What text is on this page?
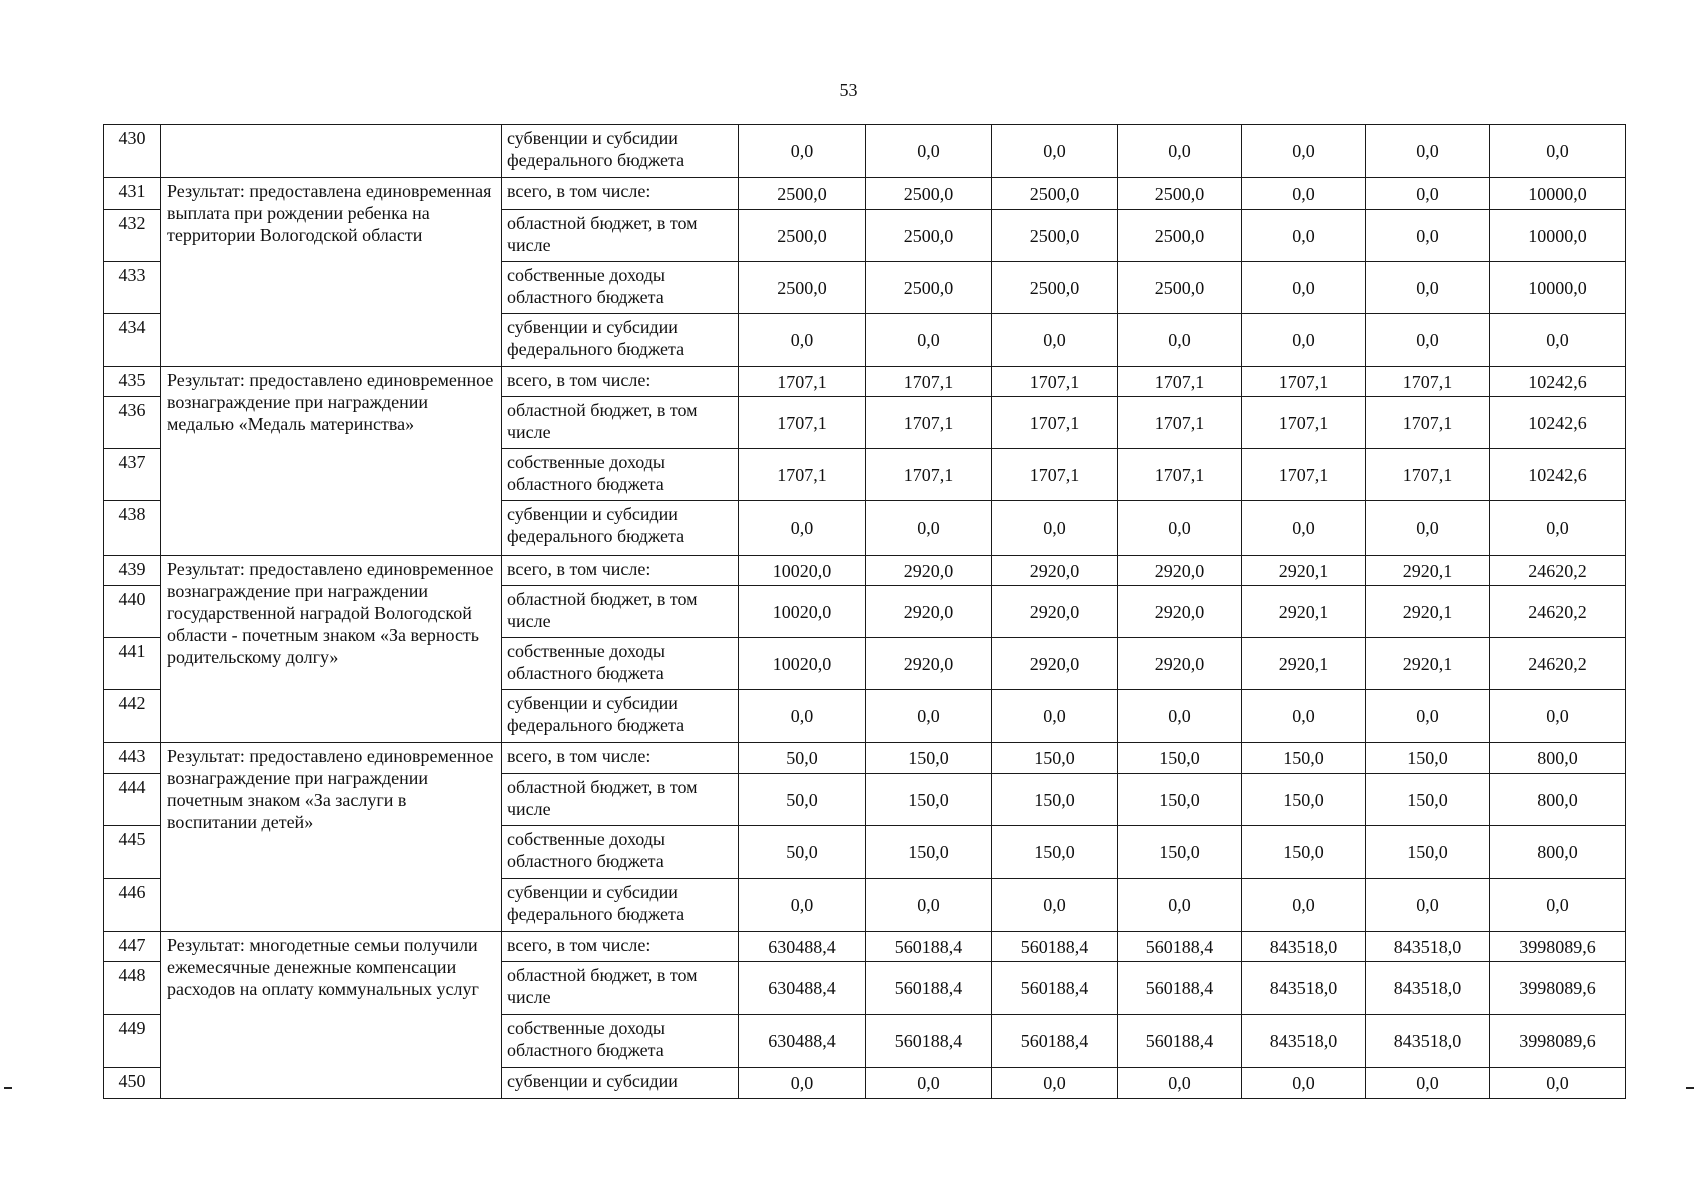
53
430		субвенции и субсидии федерального бюджета	0,0	0,0	0,0	0,0	0,0	0,0	0,0
431	Результат: предоставлена единовременная выплата при рождении ребенка на территории Вологодской области	всего, в том числе:	2500,0	2500,0	2500,0	2500,0	0,0	0,0	10000,0
432		областной бюджет, в том числе	2500,0	2500,0	2500,0	2500,0	0,0	0,0	10000,0
433		собственные доходы областного бюджета	2500,0	2500,0	2500,0	2500,0	0,0	0,0	10000,0
434		субвенции и субсидии федерального бюджета	0,0	0,0	0,0	0,0	0,0	0,0	0,0
435	Результат: предоставлено единовременное вознаграждение при награждении медалью «Медаль материнства»	всего, в том числе:	1707,1	1707,1	1707,1	1707,1	1707,1	1707,1	10242,6
436		областной бюджет, в том числе	1707,1	1707,1	1707,1	1707,1	1707,1	1707,1	10242,6
437		собственные доходы областного бюджета	1707,1	1707,1	1707,1	1707,1	1707,1	1707,1	10242,6
438		субвенции и субсидии федерального бюджета	0,0	0,0	0,0	0,0	0,0	0,0	0,0
439	Результат: предоставлено единовременное вознаграждение при награждении государственной наградой Вологодской области - почетным знаком «За верность родительскому долгу»	всего, в том числе:	10020,0	2920,0	2920,0	2920,0	2920,1	2920,1	24620,2
440		областной бюджет, в том числе	10020,0	2920,0	2920,0	2920,0	2920,1	2920,1	24620,2
441		собственные доходы областного бюджета	10020,0	2920,0	2920,0	2920,0	2920,1	2920,1	24620,2
442		субвенции и субсидии федерального бюджета	0,0	0,0	0,0	0,0	0,0	0,0	0,0
443	Результат: предоставлено единовременное вознаграждение при награждении почетным знаком «За заслуги в воспитании детей»	всего, в том числе:	50,0	150,0	150,0	150,0	150,0	150,0	800,0
444		областной бюджет, в том числе	50,0	150,0	150,0	150,0	150,0	150,0	800,0
445		собственные доходы областного бюджета	50,0	150,0	150,0	150,0	150,0	150,0	800,0
446		субвенции и субсидии федерального бюджета	0,0	0,0	0,0	0,0	0,0	0,0	0,0
447	Результат: многодетные семьи получили ежемесячные денежные компенсации расходов на оплату коммунальных услуг	всего, в том числе:	630488,4	560188,4	560188,4	560188,4	843518,0	843518,0	3998089,6
448		областной бюджет, в том числе	630488,4	560188,4	560188,4	560188,4	843518,0	843518,0	3998089,6
449		собственные доходы областного бюджета	630488,4	560188,4	560188,4	560188,4	843518,0	843518,0	3998089,6
450		субвенции и субсидии	0,0	0,0	0,0	0,0	0,0	0,0	0,0
